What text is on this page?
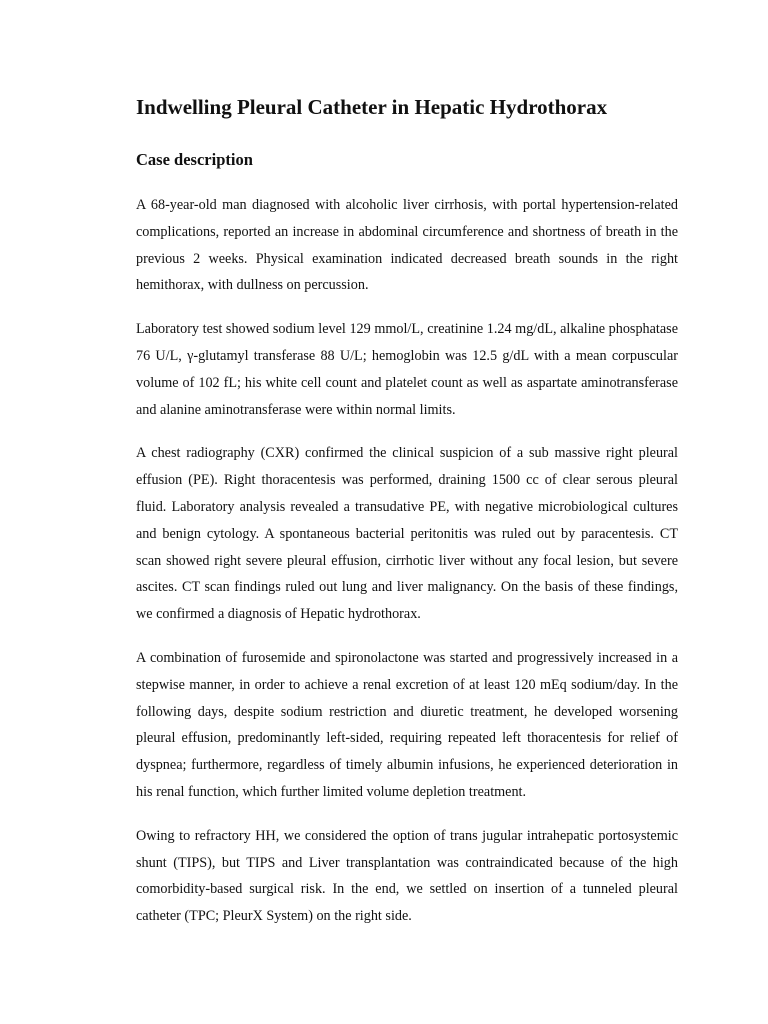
Indwelling Pleural Catheter in Hepatic Hydrothorax
Case description

A 68-year-old man diagnosed with alcoholic liver cirrhosis, with portal hypertension-related complications, reported an increase in abdominal circumference and shortness of breath in the previous 2 weeks. Physical examination indicated decreased breath sounds in the right hemithorax, with dullness on percussion.

Laboratory test showed sodium level 129 mmol/L, creatinine 1.24 mg/dL, alkaline phosphatase 76 U/L, γ-glutamyl transferase 88 U/L; hemoglobin was 12.5 g/dL with a mean corpuscular volume of 102 fL; his white cell count and platelet count as well as aspartate aminotransferase and alanine aminotransferase were within normal limits.

A chest radiography (CXR) confirmed the clinical suspicion of a sub massive right pleural effusion (PE). Right thoracentesis was performed, draining 1500 cc of clear serous pleural fluid. Laboratory analysis revealed a transudative PE, with negative microbiological cultures and benign cytology. A spontaneous bacterial peritonitis was ruled out by paracentesis. CT scan showed right severe pleural effusion, cirrhotic liver without any focal lesion, but severe ascites. CT scan findings ruled out lung and liver malignancy. On the basis of these findings, we confirmed a diagnosis of Hepatic hydrothorax.

A combination of furosemide and spironolactone was started and progressively increased in a stepwise manner, in order to achieve a renal excretion of at least 120 mEq sodium/day. In the following days, despite sodium restriction and diuretic treatment, he developed worsening pleural effusion, predominantly left-sided, requiring repeated left thoracentesis for relief of dyspnea; furthermore, regardless of timely albumin infusions, he experienced deterioration in his renal function, which further limited volume depletion treatment.

Owing to refractory HH, we considered the option of trans jugular intrahepatic portosystemic shunt (TIPS), but TIPS and Liver transplantation was contraindicated because of the high comorbidity-based surgical risk. In the end, we settled on insertion of a tunneled pleural catheter (TPC; PleurX System) on the right side.
